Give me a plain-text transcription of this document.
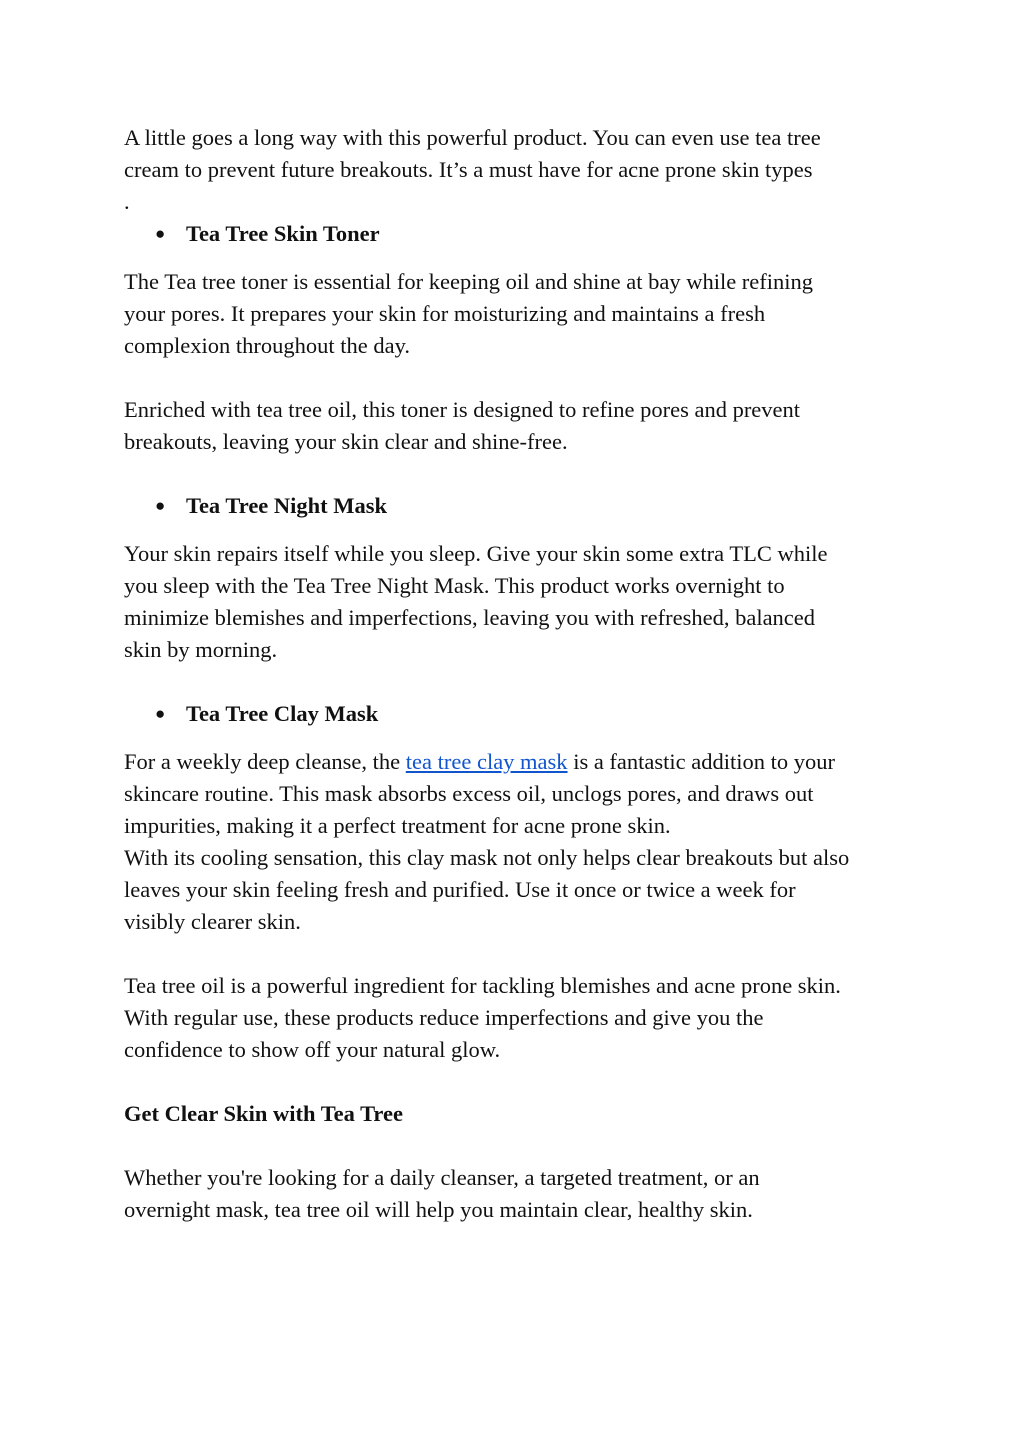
A little goes a long way with this powerful product. You can even use tea tree
cream to prevent future breakouts. It’s a must have for acne prone skin types
.

● Tea Tree Skin Toner

The Tea tree toner is essential for keeping oil and shine at bay while refining
your pores. It prepares your skin for moisturizing and maintains a fresh
complexion throughout the day.

Enriched with tea tree oil, this toner is designed to refine pores and prevent
breakouts, leaving your skin clear and shine-free.

● Tea Tree Night Mask

Your skin repairs itself while you sleep. Give your skin some extra TLC while
you sleep with the Tea Tree Night Mask. This product works overnight to
minimize blemishes and imperfections, leaving you with refreshed, balanced
skin by morning.

● Tea Tree Clay Mask

For a weekly deep cleanse, the tea tree clay mask is a fantastic addition to your
skincare routine. This mask absorbs excess oil, unclogs pores, and draws out
impurities, making it a perfect treatment for acne prone skin.
With its cooling sensation, this clay mask not only helps clear breakouts but also
leaves your skin feeling fresh and purified. Use it once or twice a week for
visibly clearer skin.

Tea tree oil is a powerful ingredient for tackling blemishes and acne prone skin.
With regular use, these products reduce imperfections and give you the
confidence to show off your natural glow.

Get Clear Skin with Tea Tree

Whether you're looking for a daily cleanser, a targeted treatment, or an
overnight mask, tea tree oil will help you maintain clear, healthy skin.
